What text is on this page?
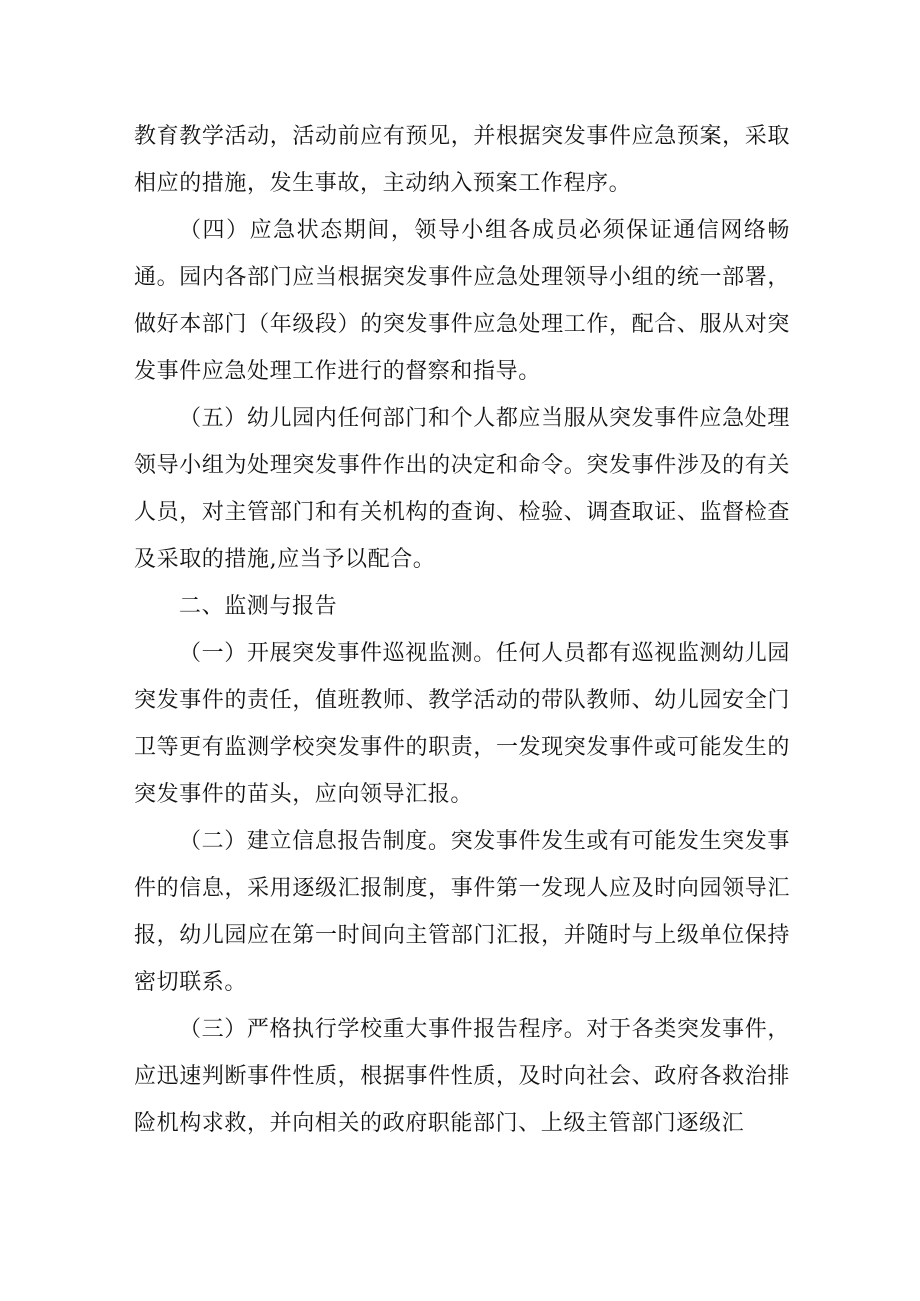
教育教学活动，活动前应有预见，并根据突发事件应急预案，采取相应的措施，发生事故，主动纳入预案工作程序。

（四）应急状态期间，领导小组各成员必须保证通信网络畅通。园内各部门应当根据突发事件应急处理领导小组的统一部署，做好本部门（年级段）的突发事件应急处理工作，配合、服从对突发事件应急处理工作进行的督察和指导。

（五）幼儿园内任何部门和个人都应当服从突发事件应急处理领导小组为处理突发事件作出的决定和命令。突发事件涉及的有关人员，对主管部门和有关机构的查询、检验、调查取证、监督检查及采取的措施,应当予以配合。

二、监测与报告

（一）开展突发事件巡视监测。任何人员都有巡视监测幼儿园突发事件的责任，值班教师、教学活动的带队教师、幼儿园安全门卫等更有监测学校突发事件的职责，一发现突发事件或可能发生的突发事件的苗头，应向领导汇报。

（二）建立信息报告制度。突发事件发生或有可能发生突发事件的信息，采用逐级汇报制度，事件第一发现人应及时向园领导汇报，幼儿园应在第一时间向主管部门汇报，并随时与上级单位保持密切联系。

（三）严格执行学校重大事件报告程序。对于各类突发事件，应迅速判断事件性质，根据事件性质，及时向社会、政府各救治排险机构求救，并向相关的政府职能部门、上级主管部门逐级汇
